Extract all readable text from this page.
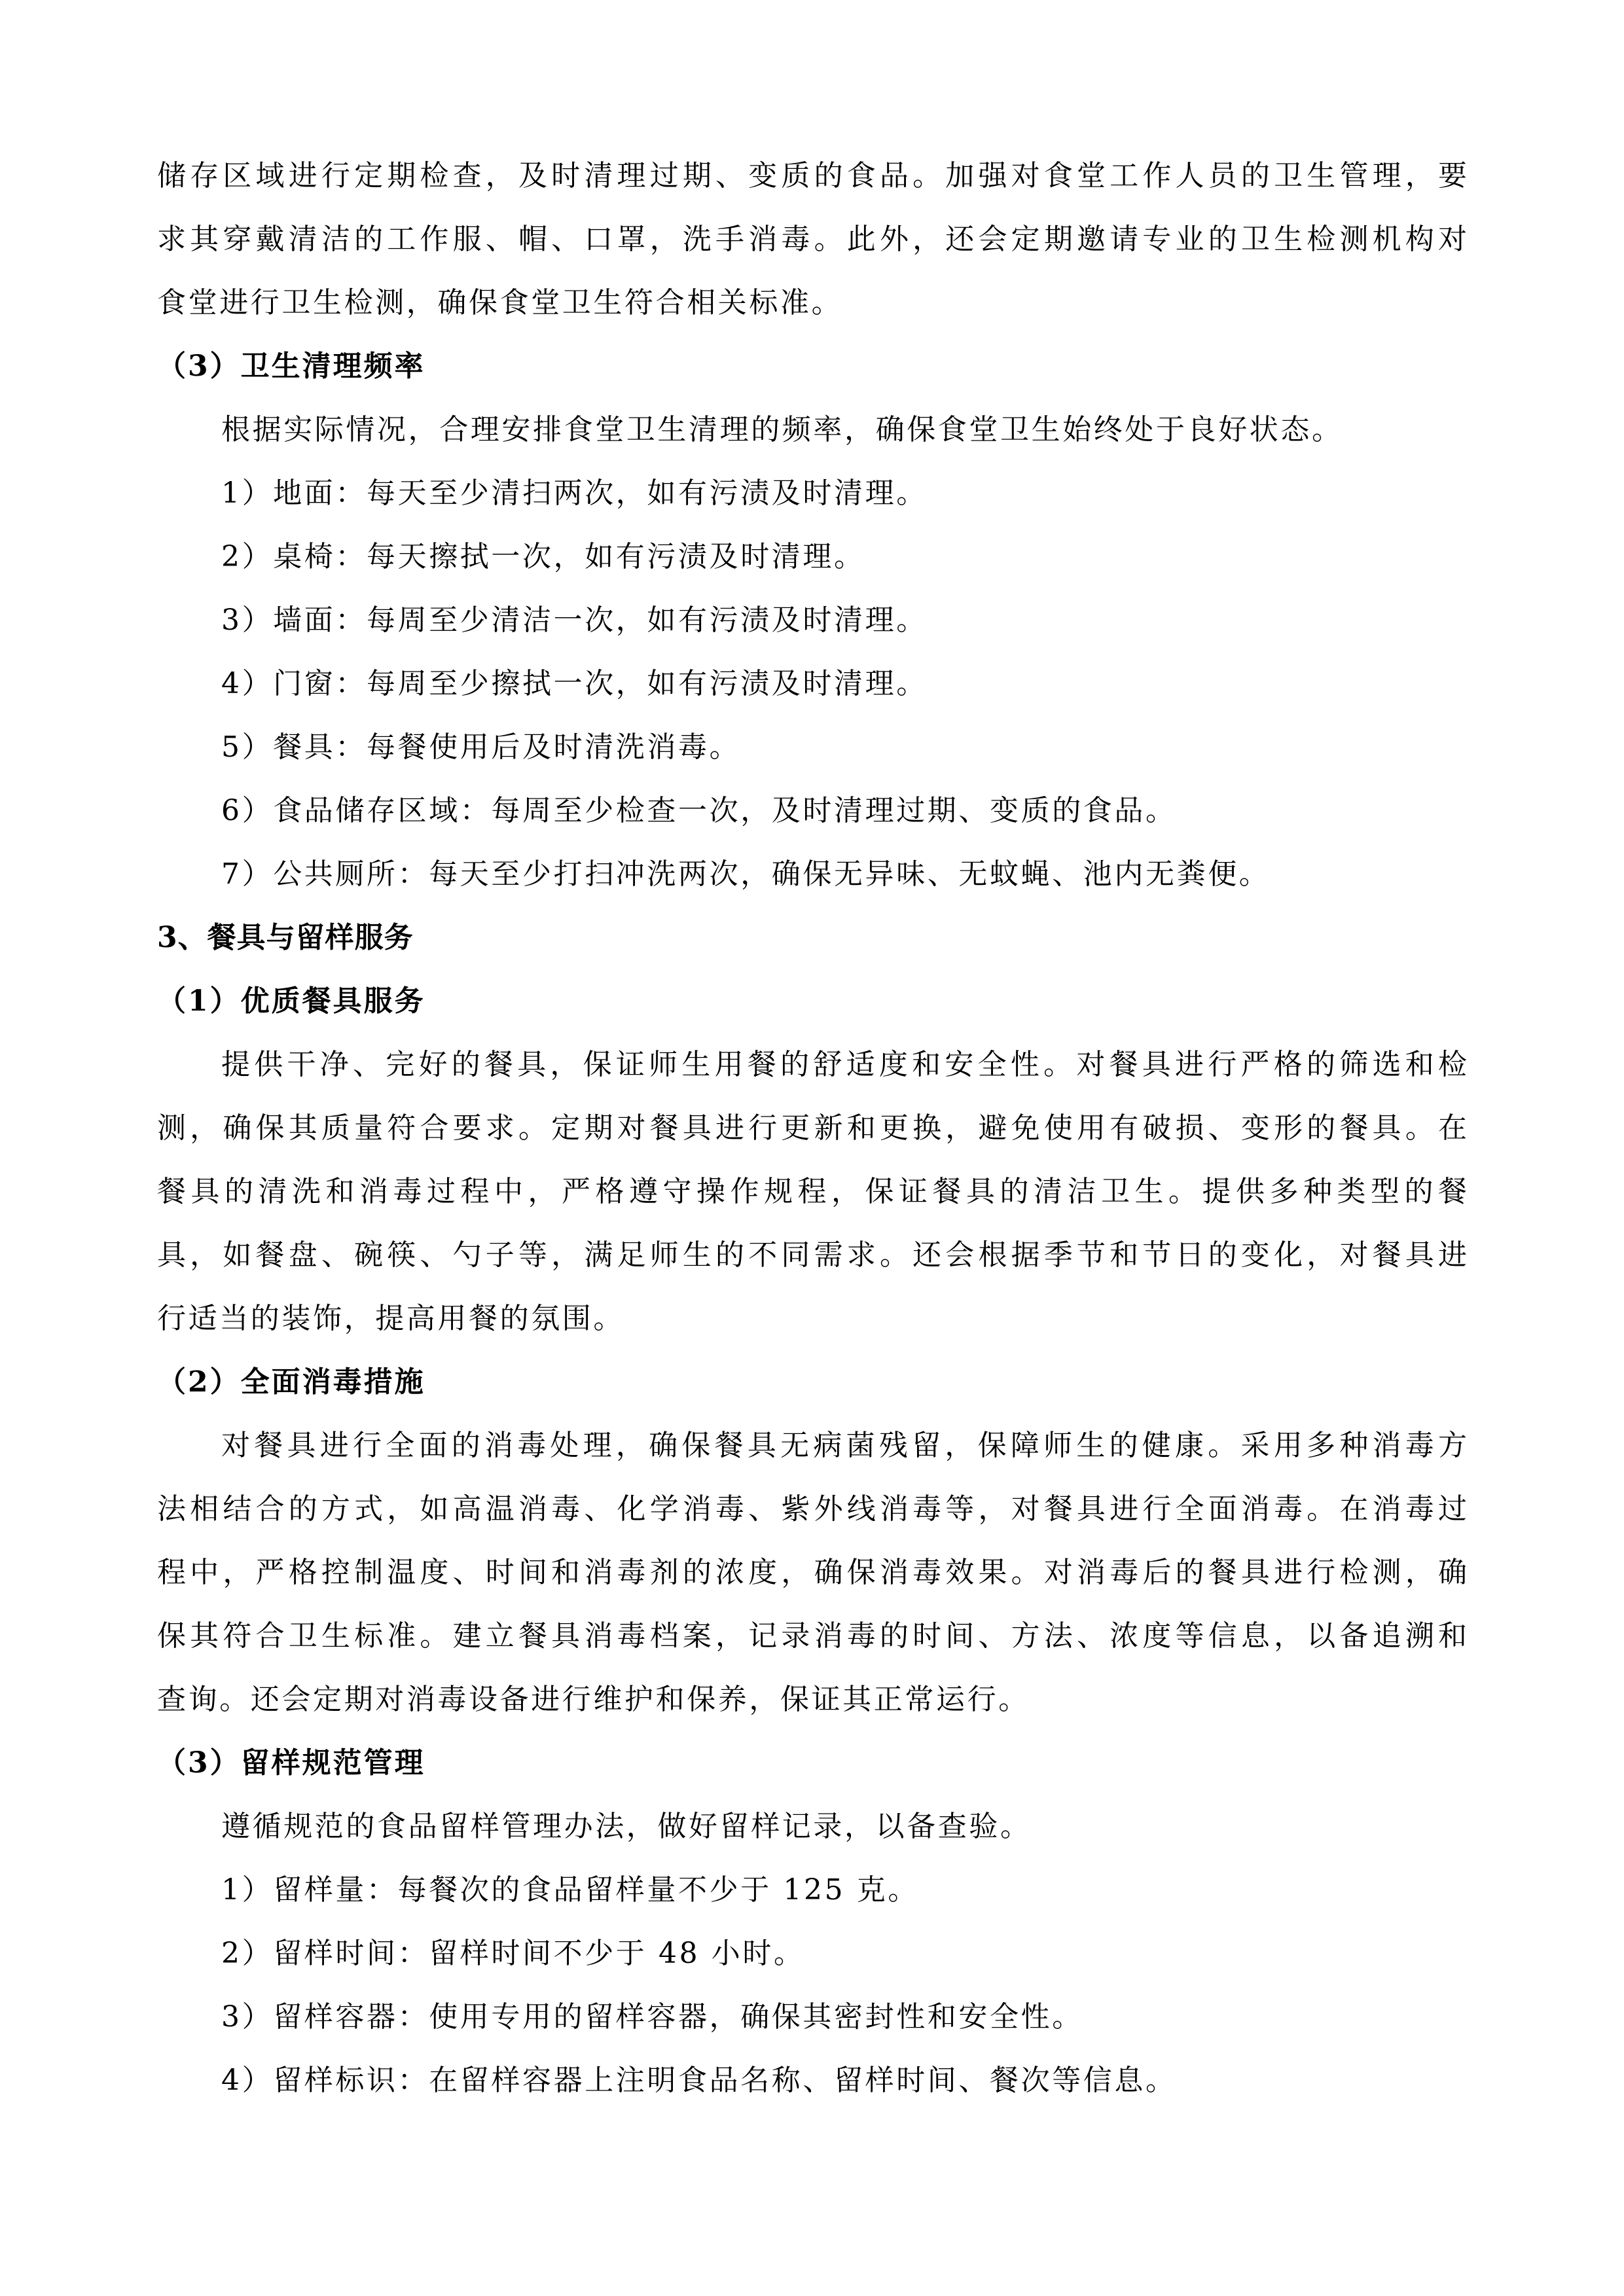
储存区域进行定期检查，及时清理过期、变质的食品。加强对食堂工作人员的卫生管理，要
求其穿戴清洁的工作服、帽、口罩，洗手消毒。此外，还会定期邀请专业的卫生检测机构对
食堂进行卫生检测，确保食堂卫生符合相关标准。
（3）卫生清理频率
根据实际情况，合理安排食堂卫生清理的频率，确保食堂卫生始终处于良好状态。
1）地面：每天至少清扫两次，如有污渍及时清理。
2）桌椅：每天擦拭一次，如有污渍及时清理。
3）墙面：每周至少清洁一次，如有污渍及时清理。
4）门窗：每周至少擦拭一次，如有污渍及时清理。
5）餐具：每餐使用后及时清洗消毒。
6）食品储存区域：每周至少检查一次，及时清理过期、变质的食品。
7）公共厕所：每天至少打扫冲洗两次，确保无异味、无蚊蝇、池内无粪便。
3、餐具与留样服务
（1）优质餐具服务
提供干净、完好的餐具，保证师生用餐的舒适度和安全性。对餐具进行严格的筛选和检
测，确保其质量符合要求。定期对餐具进行更新和更换，避免使用有破损、变形的餐具。在
餐具的清洗和消毒过程中，严格遵守操作规程，保证餐具的清洁卫生。提供多种类型的餐
具，如餐盘、碗筷、勺子等，满足师生的不同需求。还会根据季节和节日的变化，对餐具进
行适当的装饰，提高用餐的氛围。
（2）全面消毒措施
对餐具进行全面的消毒处理，确保餐具无病菌残留，保障师生的健康。采用多种消毒方
法相结合的方式，如高温消毒、化学消毒、紫外线消毒等，对餐具进行全面消毒。在消毒过
程中，严格控制温度、时间和消毒剂的浓度，确保消毒效果。对消毒后的餐具进行检测，确
保其符合卫生标准。建立餐具消毒档案，记录消毒的时间、方法、浓度等信息，以备追溯和
查询。还会定期对消毒设备进行维护和保养，保证其正常运行。
（3）留样规范管理
遵循规范的食品留样管理办法，做好留样记录，以备查验。
1）留样量：每餐次的食品留样量不少于 125 克。
2）留样时间：留样时间不少于 48 小时。
3）留样容器：使用专用的留样容器，确保其密封性和安全性。
4）留样标识：在留样容器上注明食品名称、留样时间、餐次等信息。
